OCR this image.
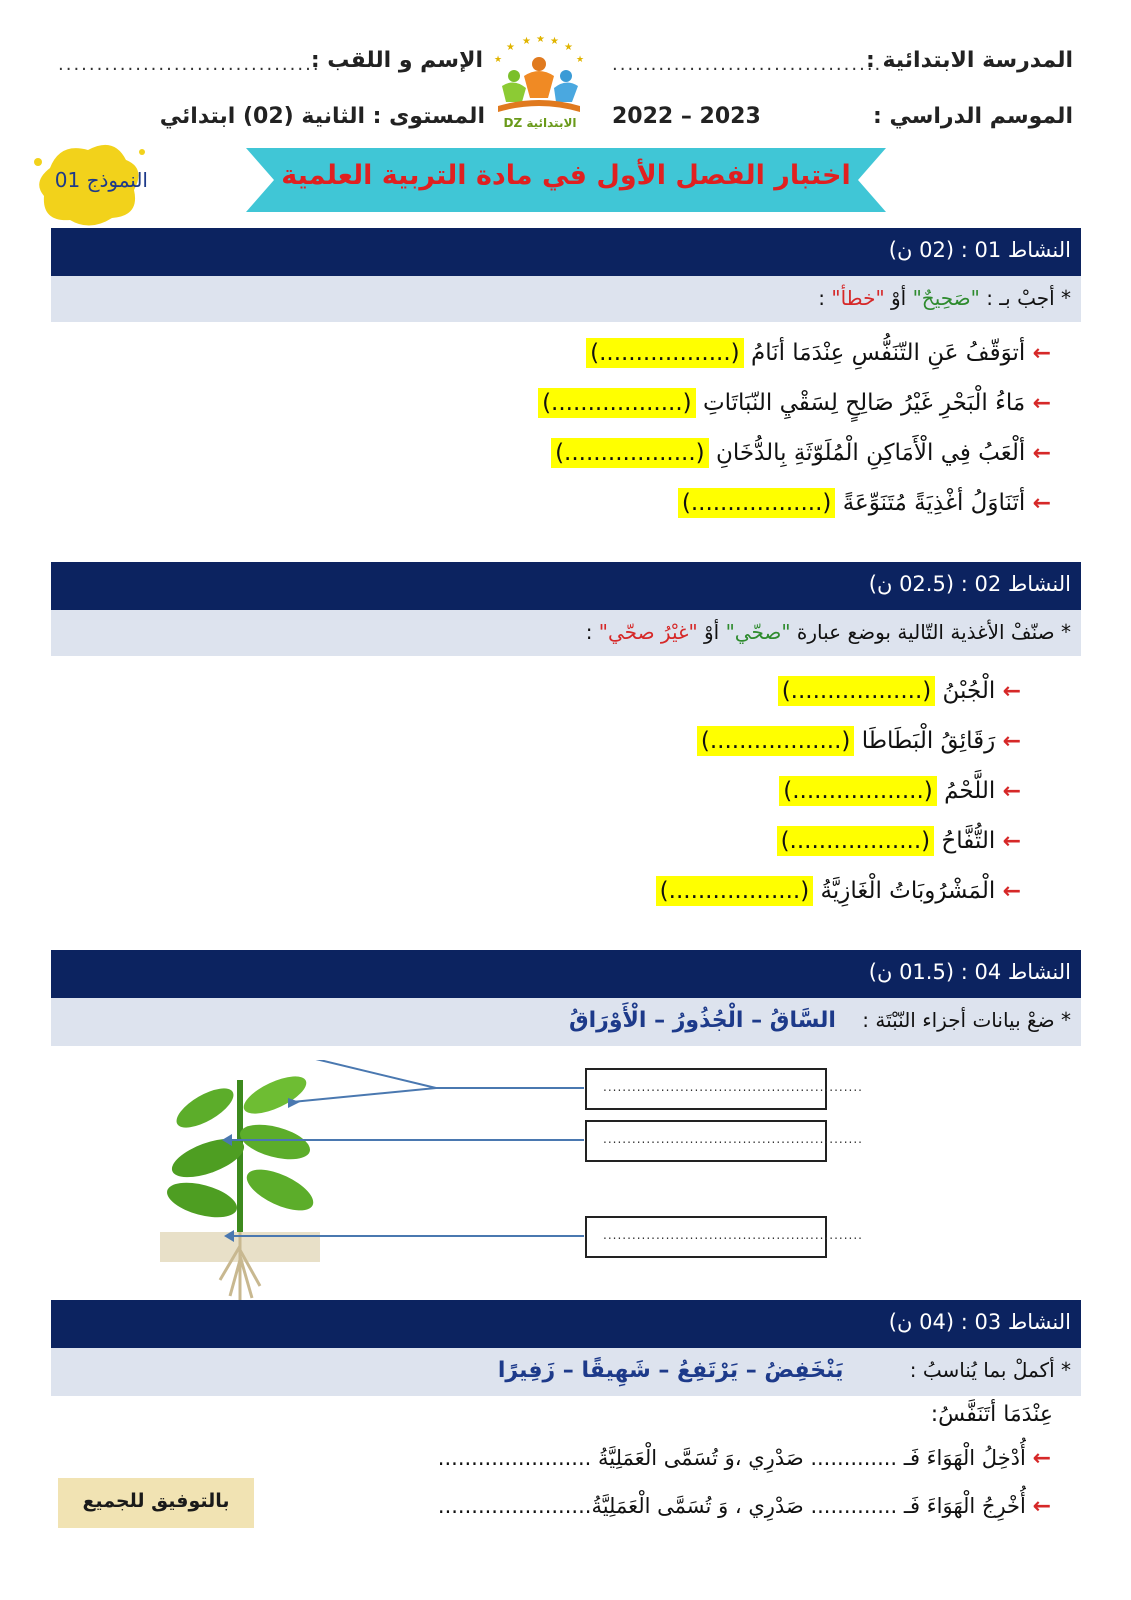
المدرسة الابتدائية :
...................................
الإسم و اللقب :
..................................
الموسم الدراسي :
2022 – 2023
المستوى : الثانية (02) ابتدائي
★
★ ★ ★
★
★	★
DZ الابتدائية
النموذج 01	اختبار الفصل الأول في مادة التربية العلمية
النشاط 01 : (02 ن)
* أجبْ بـ : "صَحِيحٌ" أوْ "خطأ" :
← أتوَقّفُ عَنِ التّنَفُّسِ عِنْدَمَا أنَامُ (..................)
← مَاءُ الْبَحْرِ غَيْرُ صَالِحٍ لِسَقْيِ النّبَاتَاتِ (..................)
← ألْعَبُ فِي الْأَمَاكِنِ الْمُلَوّثَةِ بِالدُّخَانِ (..................)
← أتَنَاوَلُ أغْذِيَةً مُتَنَوِّعَةً (..................)
النشاط 02 : (02.5 ن)
* صنّفْ الأغذية التّالية بوضع عبارة "صحّي" أوْ "غيْرُ صحّي" :
← الْجُبْنُ (..................)
← رَقَائِقُ الْبَطَاطَا (..................)
← اللَّحْمُ (..................)
← التُّفَّاحُ (..................)
← الْمَشْرُوبَاتُ الْغَازِيَّةُ (..................)
النشاط 04 : (01.5 ن)
* ضعْ بيانات أجزاء النّبْتَة : السَّاقُ – الْجُذُورُ – الْأَوْرَاقُ
......................................................
......................................................
......................................................
النشاط 03 : (04 ن)
* أكملْ بما يُناسبُ : يَنْخَفِضُ – يَرْتَفِعُ – شَهِيقًا – زَفِيرًا
عِنْدَمَا أتَنَفَّسُ:
← أُدْخِلُ الْهَوَاءَ فَـ ............. صَدْرِي ،وَ تُسَمَّى الْعَمَلِيَّةُ .......................
← أُخْرِجُ الْهَوَاءَ فَـ ............. صَدْرِي ، وَ تُسَمَّى الْعَمَلِيَّةُ.......................
بالتوفيق للجميع
